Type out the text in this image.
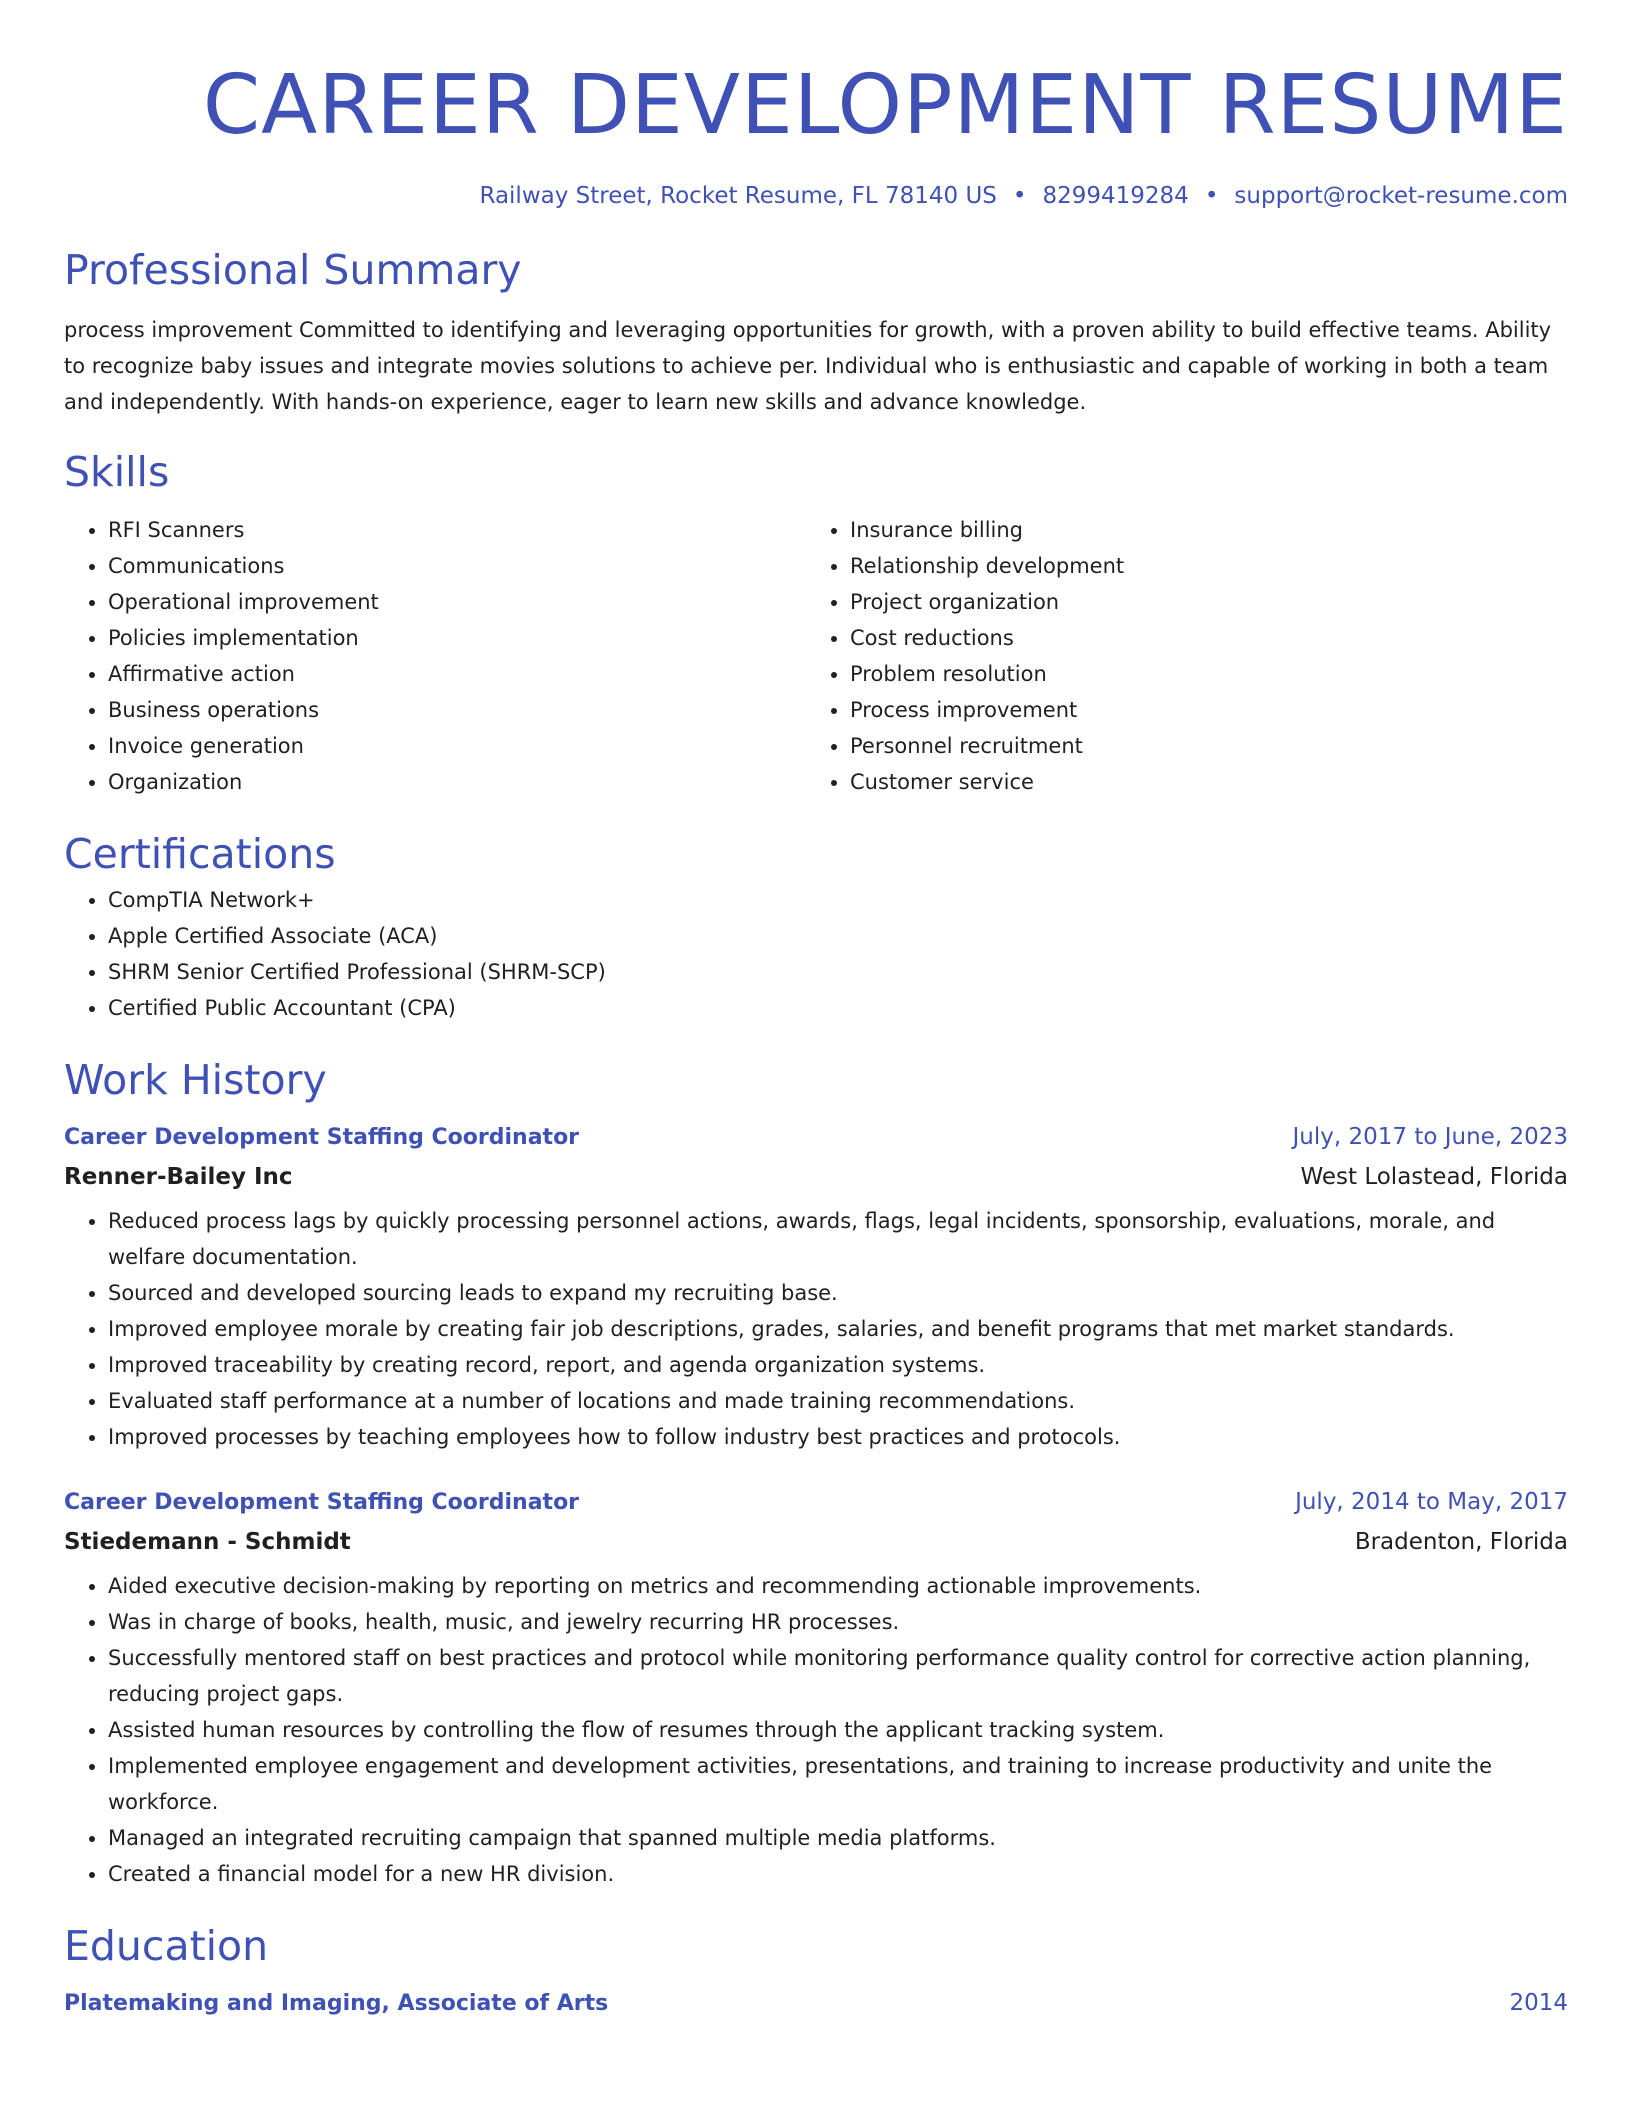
CAREER DEVELOPMENT RESUME
Railway Street, Rocket Resume, FL 78140 US • 8299419284 • support@rocket-resume.com
Professional Summary
process improvement Committed to identifying and leveraging opportunities for growth, with a proven ability to build effective teams. Ability to recognize baby issues and integrate movies solutions to achieve per. Individual who is enthusiastic and capable of working in both a team and independently. With hands-on experience, eager to learn new skills and advance knowledge.
Skills
• RFI Scanners
• Communications
• Operational improvement
• Policies implementation
• Affirmative action
• Business operations
• Invoice generation
• Organization
• Insurance billing
• Relationship development
• Project organization
• Cost reductions
• Problem resolution
• Process improvement
• Personnel recruitment
• Customer service
Certifications
• CompTIA Network+
• Apple Certified Associate (ACA)
• SHRM Senior Certified Professional (SHRM-SCP)
• Certified Public Accountant (CPA)
Work History
Career Development Staffing Coordinator	July, 2017 to June, 2023
Renner-Bailey Inc	West Lolastead, Florida
• Reduced process lags by quickly processing personnel actions, awards, flags, legal incidents, sponsorship, evaluations, morale, and welfare documentation.
• Sourced and developed sourcing leads to expand my recruiting base.
• Improved employee morale by creating fair job descriptions, grades, salaries, and benefit programs that met market standards.
• Improved traceability by creating record, report, and agenda organization systems.
• Evaluated staff performance at a number of locations and made training recommendations.
• Improved processes by teaching employees how to follow industry best practices and protocols.
Career Development Staffing Coordinator	July, 2014 to May, 2017
Stiedemann - Schmidt	Bradenton, Florida
• Aided executive decision-making by reporting on metrics and recommending actionable improvements.
• Was in charge of books, health, music, and jewelry recurring HR processes.
• Successfully mentored staff on best practices and protocol while monitoring performance quality control for corrective action planning, reducing project gaps.
• Assisted human resources by controlling the flow of resumes through the applicant tracking system.
• Implemented employee engagement and development activities, presentations, and training to increase productivity and unite the workforce.
• Managed an integrated recruiting campaign that spanned multiple media platforms.
• Created a financial model for a new HR division.
Education
Platemaking and Imaging, Associate of Arts	2014
